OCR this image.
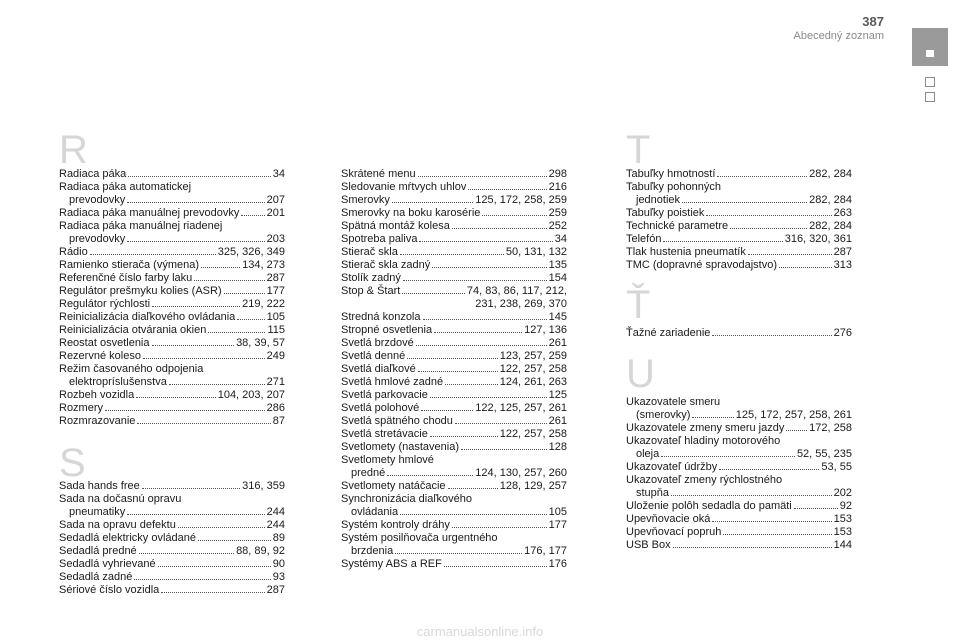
387
Abecedný zoznam
R
Radiaca páka	34
Radiaca páka automatickej
prevodovky	207
Radiaca páka manuálnej prevodovky 201
Radiaca páka manuálnej riadenej
prevodovky	203
Rádio	325, 326, 349
Ramienko stierača (výmena)	134, 273
Referenčné číslo farby laku	287
Regulátor prešmyku kolies (ASR)	177
Regulátor rýchlosti	219, 222
Reinicializácia diaľkového ovládania	105
Reinicializácia otvárania okien	115
Reostat osvetlenia	38, 39, 57
Rezervné koleso	249
Režim časovaného odpojenia
elektropríslušenstva	271
Rozbeh vozidla	104, 203, 207
Rozmery	286
Rozmrazovanie	87
S
Sada hands free	316, 359
Sada na dočasnú opravu
pneumatiky	244
Sada na opravu defektu	244
Sedadlá elektricky ovládané	89
Sedadlá predné	88, 89, 92
Sedadlá vyhrievané	90
Sedadlá zadné	93
Sériové číslo vozidla	287
Skrátené menu	298
Sledovanie mŕtvych uhlov	216
Smerovky	125, 172, 258, 259
Smerovky na boku karosérie	259
Spätná montáž kolesa	252
Spotreba paliva	34
Stierač skla	50, 131, 132
Stierač skla zadný	135
Stolík zadný	154
Stop & Štart	74, 83, 86, 117, 212,
231, 238, 269, 370
Stredná konzola	145
Stropné osvetlenia	127, 136
Svetlá brzdové	261
Svetlá denné	123, 257, 259
Svetlá diaľkové	122, 257, 258
Svetlá hmlové zadné	124, 261, 263
Svetlá parkovacie	125
Svetlá polohové	122, 125, 257, 261
Svetlá spätného chodu	261
Svetlá stretávacie	122, 257, 258
Svetlomety (nastavenia)	128
Svetlomety hmlové
predné	124, 130, 257, 260
Svetlomety natáčacie	128, 129, 257
Synchronizácia diaľkového
ovládania	105
Systém kontroly dráhy	177
Systém posilňovača urgentného
brzdenia	176, 177
Systémy ABS a REF	176
T
Tabuľky hmotností	282, 284
Tabuľky pohonných
jednotiek	282, 284
Tabuľky poistiek	263
Technické parametre	282, 284
Telefón	316, 320, 361
Tlak hustenia pneumatík	287
TMC (dopravné spravodajstvo)	313
Ť
Ťažné zariadenie	276
U
Ukazovatele smeru
(smerovky)	125, 172, 257, 258, 261
Ukazovatele zmeny smeru jazdy 172, 258
Ukazovateľ hladiny motorového
oleja	52, 55, 235
Ukazovateľ údržby	53, 55
Ukazovateľ zmeny rýchlostného
stupňa	202
Uloženie polôh sedadla do pamäti	92
Upevňovacie oká	153
Upevňovací popruh	153
USB Box	144
carmanualsonline.info
